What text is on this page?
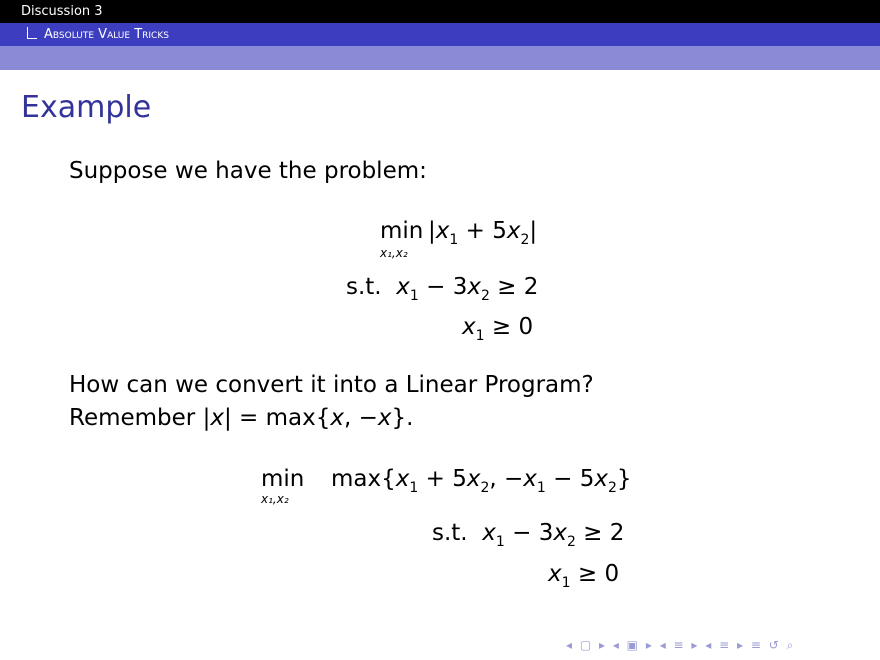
Discussion 3
Absolute Value Tricks
Example
Suppose we have the problem:
min
x₁,x₂
$|x_1 + 5x_2|$
s.t. $x_1 - 3x_2 \ge 2$
$x_1 \ge 0$
How can we convert it into a Linear Program?
Remember |x| = max{x, −x}.
min
x₁,x₂
$\max\{x_1 + 5x_2$, $-x_1 - 5x_2$}
s.t. $x_1 - 3x_2 \ge 2$
$x_1 \ge 0$
◂ ▢ ▸ ◂ ▣ ▸ ◂ ≡ ▸ ◂ ≡ ▸ ≡ ↺ ⌕
